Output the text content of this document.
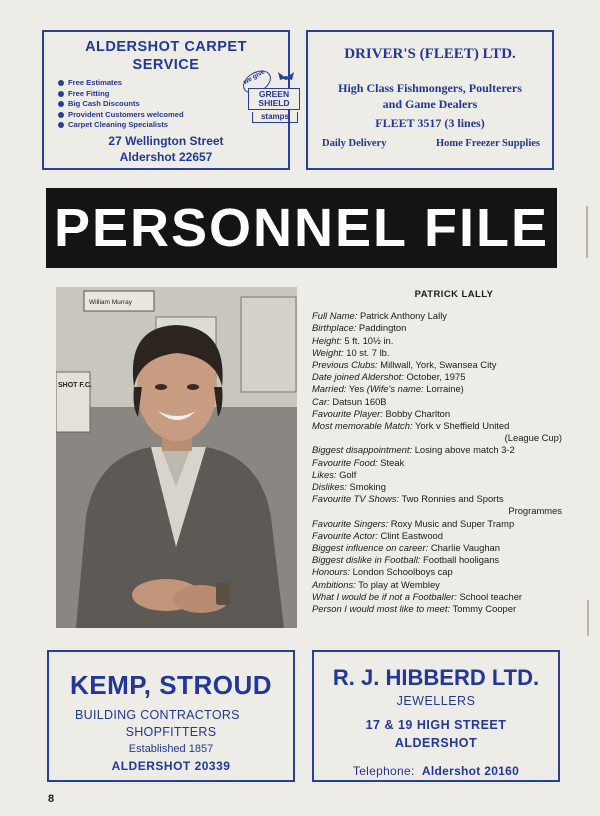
ALDERSHOT CARPET
SERVICE
Free Estimates
Free Fitting
Big Cash Discounts
Provident Customers welcomed
Carpet Cleaning Specialists
we give
GREEN
SHIELD
stamps
27 Wellington Street
Aldershot 22657
DRIVER'S (FLEET) LTD.
High Class Fishmongers, Poulterers
and Game Dealers
FLEET 3517 (3 lines)
Daily Delivery	Home Freezer Supplies
PERSONNEL FILE
William Murray
SHOT F.C.
PATRICK LALLY
Full Name: Patrick Anthony Lally
Birthplace: Paddington
Height: 5 ft. 10½ in.
Weight: 10 st. 7 lb.
Previous Clubs: Millwall, York, Swansea City
Date joined Aldershot: October, 1975
Married: Yes (Wife's name: Lorraine)
Car: Datsun 160B
Favourite Player: Bobby Charlton
Most memorable Match: York v Sheffield United
(League Cup)
Biggest disappointment: Losing above match 3-2
Favourite Food: Steak
Likes: Golf
Dislikes: Smoking
Favourite TV Shows: Two Ronnies and Sports
Programmes
Favourite Singers: Roxy Music and Super Tramp
Favourite Actor: Clint Eastwood
Biggest influence on career: Charlie Vaughan
Biggest dislike in Football: Football hooligans
Honours: London Schoolboys cap
Ambitions: To play at Wembley
What I would be if not a Footballer: School teacher
Person I would most like to meet: Tommy Cooper
KEMP, STROUD
BUILDING CONTRACTORS
SHOPFITTERS
Established 1857
ALDERSHOT 20339
R. J. HIBBERD LTD.
JEWELLERS
17 & 19 HIGH STREET
ALDERSHOT
Telephone: Aldershot 20160
8
